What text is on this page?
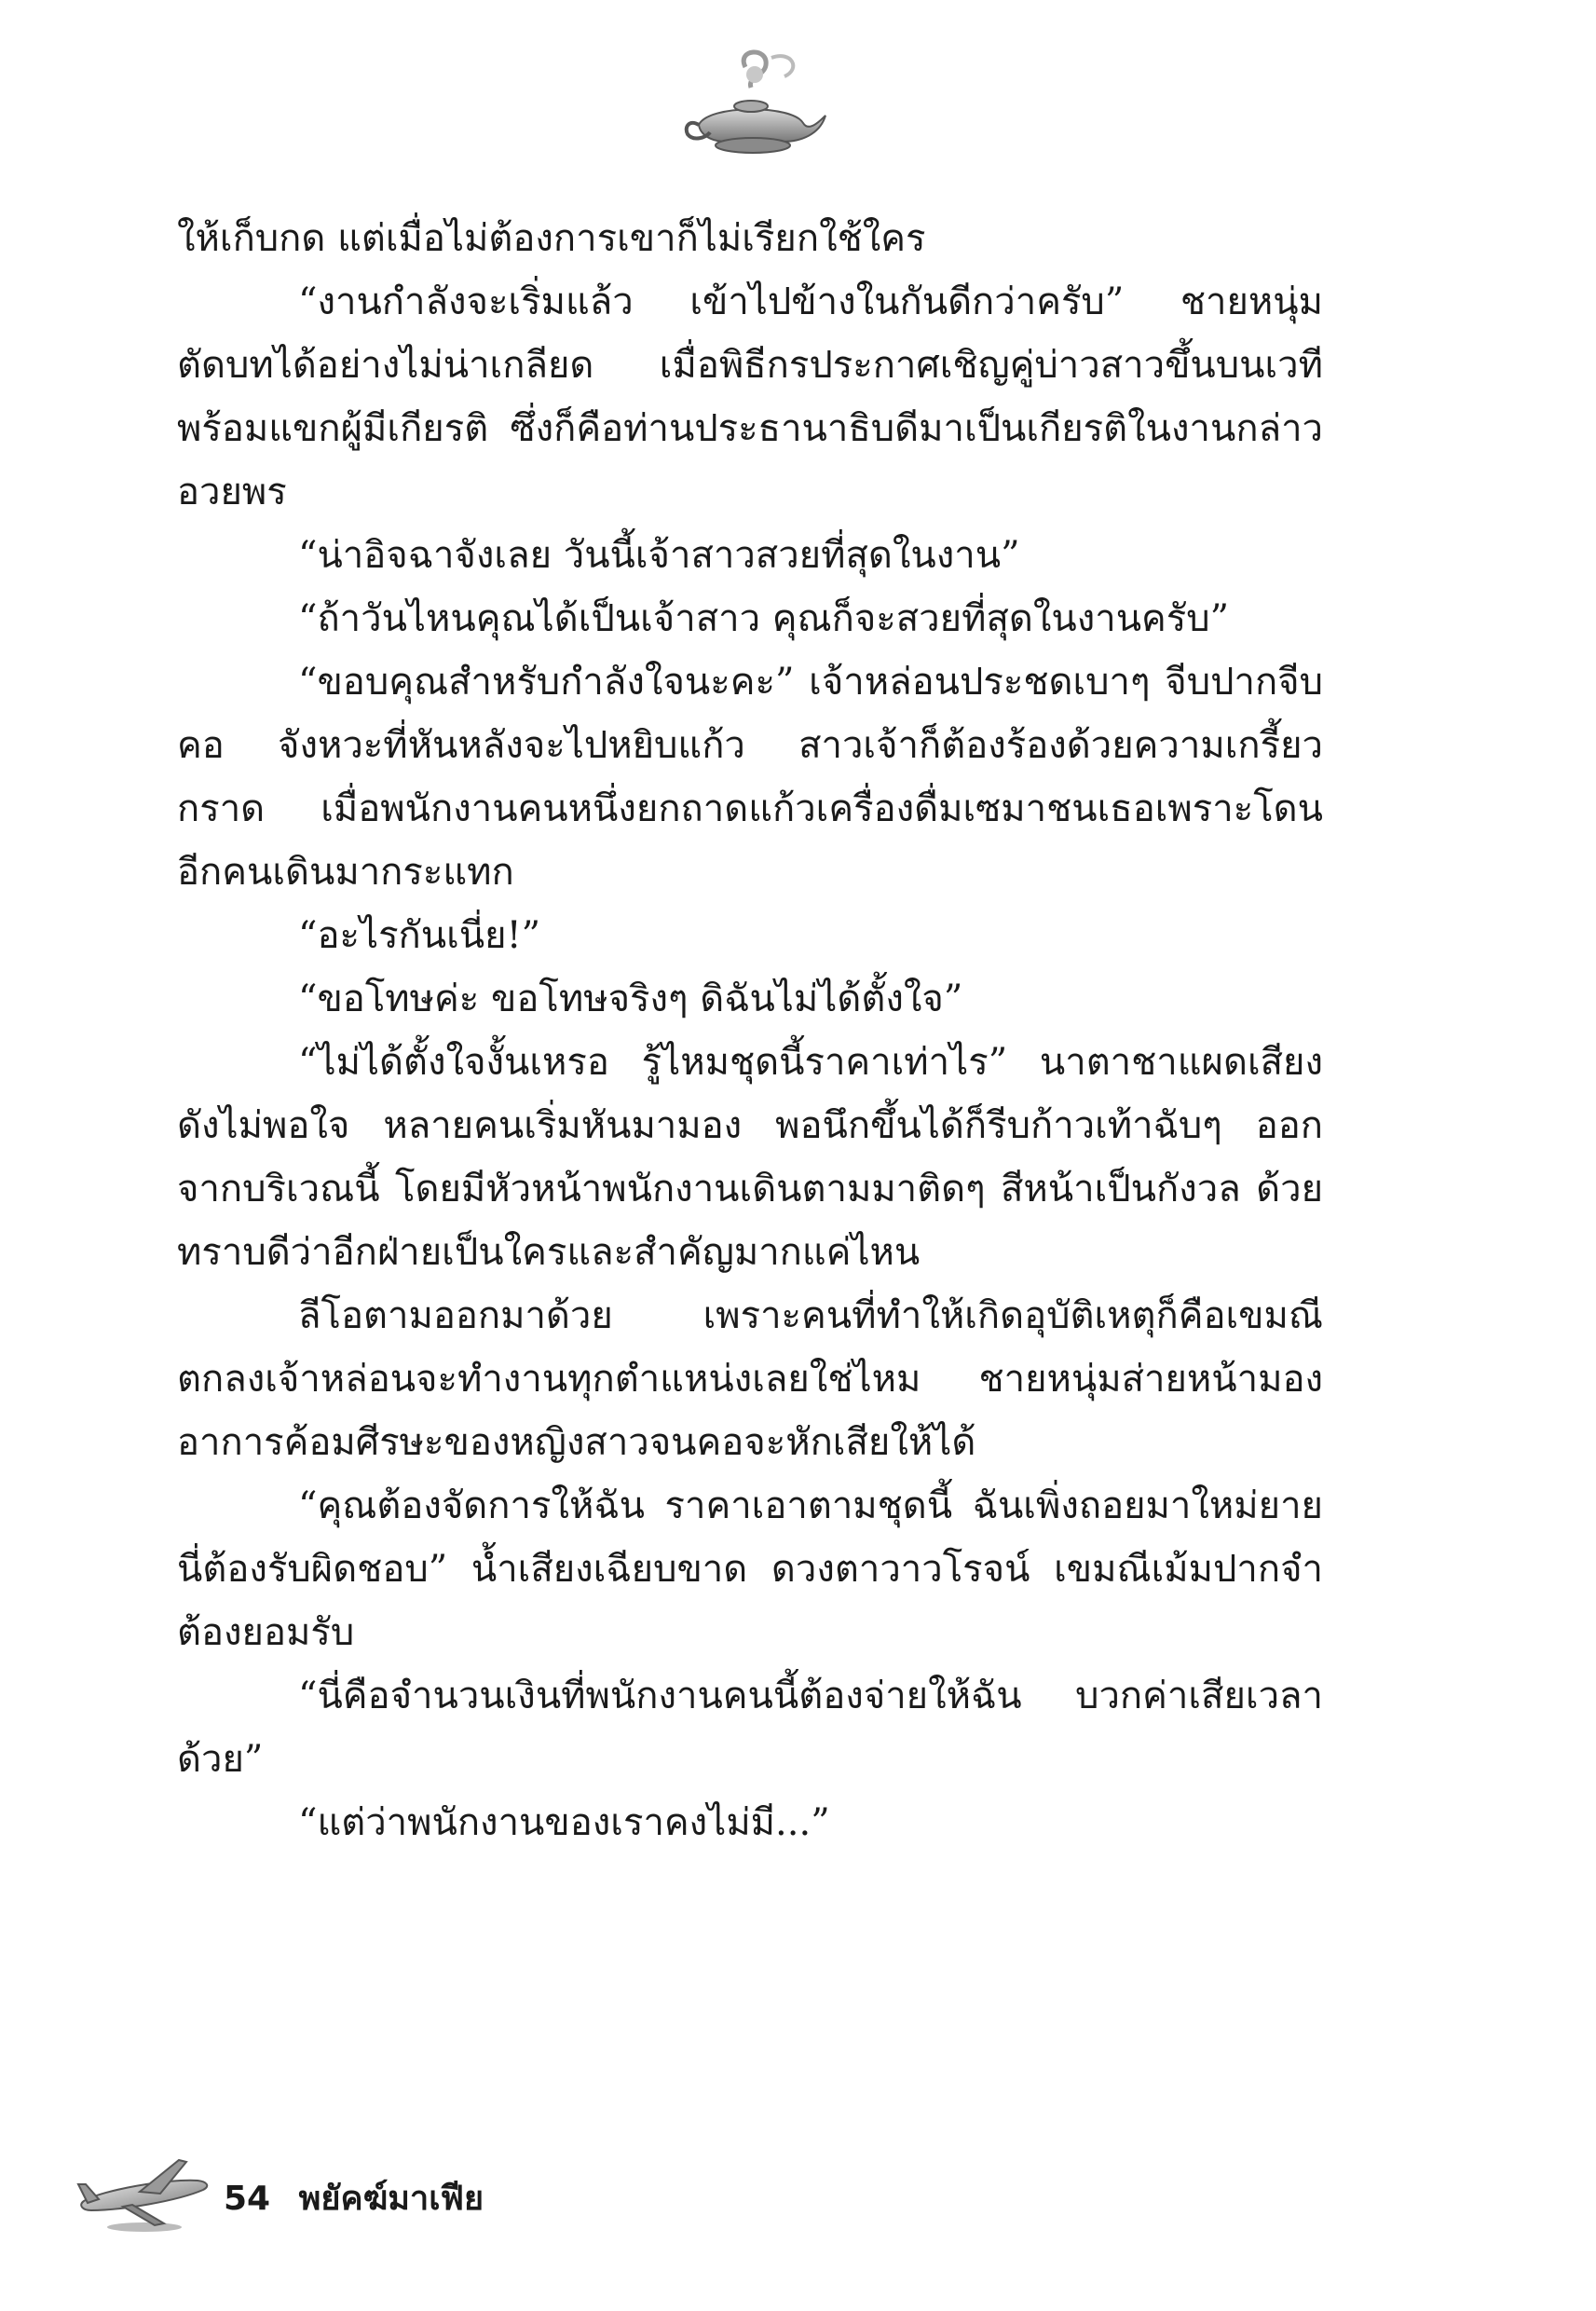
ให้เก็บกด แต่เมื่อไม่ต้องการเขาก็ไม่เรียกใช้ใคร

“งานกำลังจะเริ่มแล้ว เข้าไปข้างในกันดีกว่าครับ” ชายหนุ่มตัดบทได้อย่างไม่น่าเกลียด เมื่อพิธีกรประกาศเชิญคู่บ่าวสาวขึ้นบนเวที พร้อมแขกผู้มีเกียรติ ซึ่งก็คือท่านประธานาธิบดีมาเป็นเกียรติในงานกล่าวอวยพร

“น่าอิจฉาจังเลย วันนี้เจ้าสาวสวยที่สุดในงาน”

“ถ้าวันไหนคุณได้เป็นเจ้าสาว คุณก็จะสวยที่สุดในงานครับ”

“ขอบคุณสำหรับกำลังใจนะคะ” เจ้าหล่อนประชดเบาๆ จีบปากจีบคอ จังหวะที่หันหลังจะไปหยิบแก้ว สาวเจ้าก็ต้องร้องด้วยความเกรี้ยวกราด เมื่อพนักงานคนหนึ่งยกถาดแก้วเครื่องดื่มเซมาชนเธอเพราะโดนอีกคนเดินมากระแทก

“อะไรกันเนี่ย!”

“ขอโทษค่ะ ขอโทษจริงๆ ดิฉันไม่ได้ตั้งใจ”

“ไม่ได้ตั้งใจงั้นเหรอ รู้ไหมชุดนี้ราคาเท่าไร” นาตาชาแผดเสียงดังไม่พอใจ หลายคนเริ่มหันมามอง พอนึกขึ้นได้ก็รีบก้าวเท้าฉับๆ ออกจากบริเวณนี้ โดยมีหัวหน้าพนักงานเดินตามมาติดๆ สีหน้าเป็นกังวล ด้วยทราบดีว่าอีกฝ่ายเป็นใครและสำคัญมากแค่ไหน

ลีโอตามออกมาด้วย เพราะคนที่ทำให้เกิดอุบัติเหตุก็คือเขมณี ตกลงเจ้าหล่อนจะทำงานทุกตำแหน่งเลยใช่ไหม ชายหนุ่มส่ายหน้ามองอาการค้อมศีรษะของหญิงสาวจนคอจะหักเสียให้ได้

“คุณต้องจัดการให้ฉัน ราคาเอาตามชุดนี้ ฉันเพิ่งถอยมาใหม่ยายนี่ต้องรับผิดชอบ” น้ำเสียงเฉียบขาด ดวงตาวาวโรจน์ เขมณีเม้มปากจำต้องยอมรับ

“นี่คือจำนวนเงินที่พนักงานคนนี้ต้องจ่ายให้ฉัน บวกค่าเสียเวลาด้วย”

“แต่ว่าพนักงานของเราคงไม่มี...”

54 พยัคฆ์มาเฟีย
